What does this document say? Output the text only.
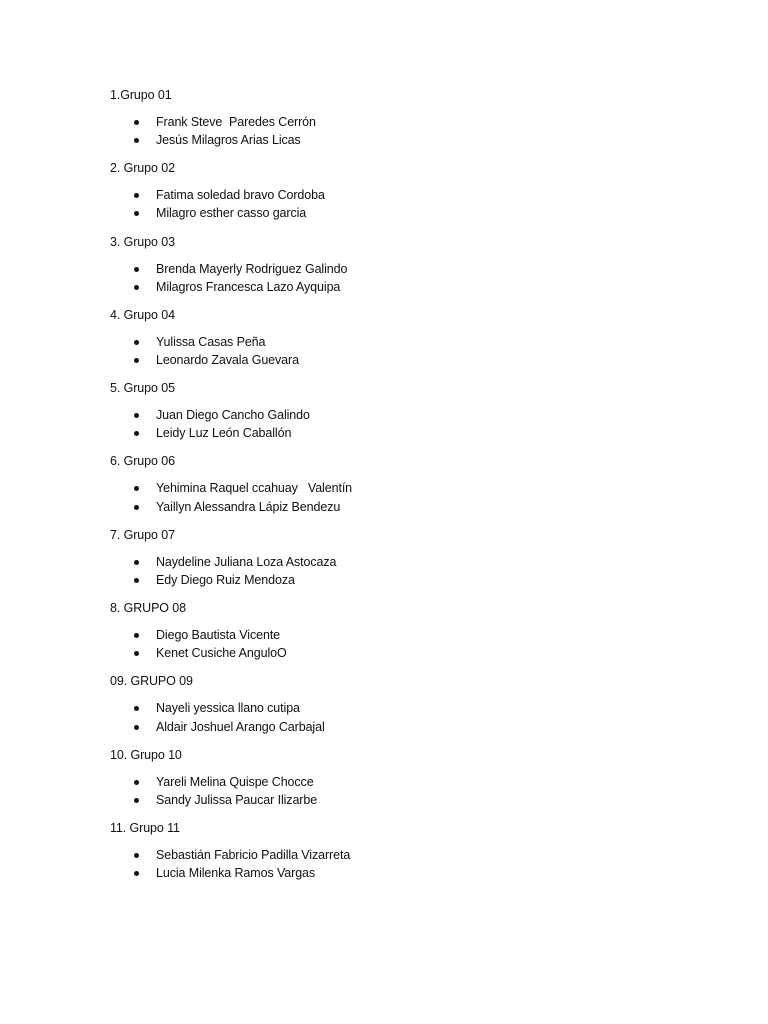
1.Grupo 01
Frank Steve  Paredes Cerrón
Jesús Milagros Arias Licas
2. Grupo 02
Fatima soledad bravo Cordoba
Milagro esther casso garcia
3. Grupo 03
Brenda Mayerly Rodriguez Galindo
Milagros Francesca Lazo Ayquipa
4. Grupo 04
Yulissa Casas Peña
Leonardo Zavala Guevara
5. Grupo 05
Juan Diego Cancho Galindo
Leidy Luz León Caballón
6. Grupo 06
Yehimina Raquel ccahuay   Valentín
Yaillyn Alessandra Lápiz Bendezu
7. Grupo 07
Naydeline Juliana Loza Astocaza
Edy Diego Ruiz Mendoza
8. GRUPO 08
Diego Bautista Vicente
Kenet Cusiche AnguloO
09. GRUPO 09
Nayeli yessica llano cutipa
Aldair Joshuel Arango Carbajal
10. Grupo 10
Yareli Melina Quispe Chocce
Sandy Julissa Paucar Ilizarbe
11. Grupo 11
Sebastián Fabricio Padilla Vizarreta
Lucia Milenka Ramos Vargas
